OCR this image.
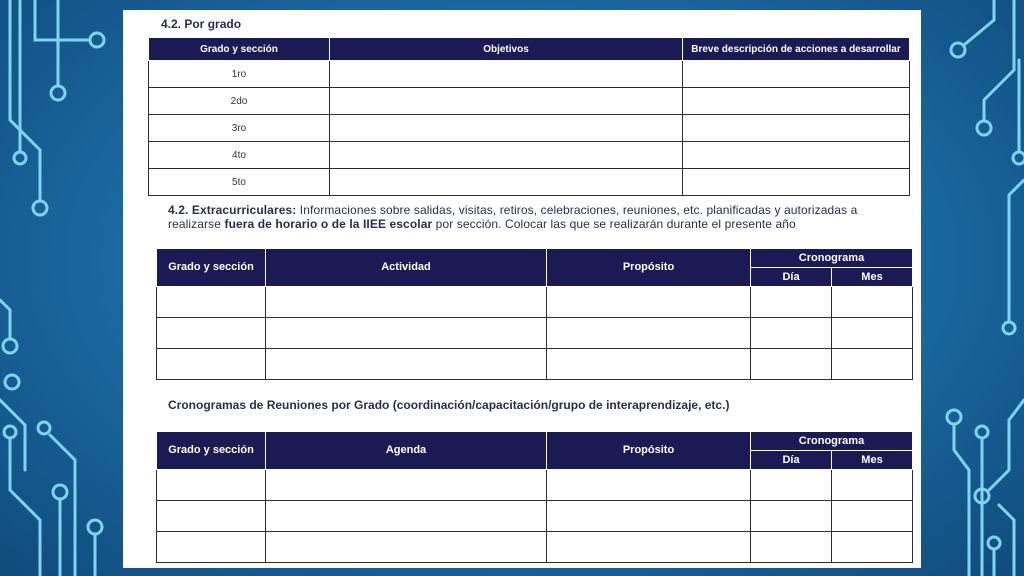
4.2. Por grado
Grado y sección	Objetivos	Breve descripción de acciones a desarrollar
1ro		
2do		
3ro		
4to		
5to		
4.2. Extracurriculares: Informaciones sobre salidas, visitas, retiros, celebraciones, reuniones, etc. planificadas y autorizadas a realizarse fuera de horario o de la IIEE escolar por sección. Colocar las que se realizarán durante el presente año
Grado y sección	Actividad	Propósito	Cronograma	
			Día	Mes

Cronogramas de Reuniones por Grado (coordinación/capacitación/grupo de interaprendizaje, etc.)
Grado y sección	Agenda	Propósito	Cronograma	
			Día	Mes
